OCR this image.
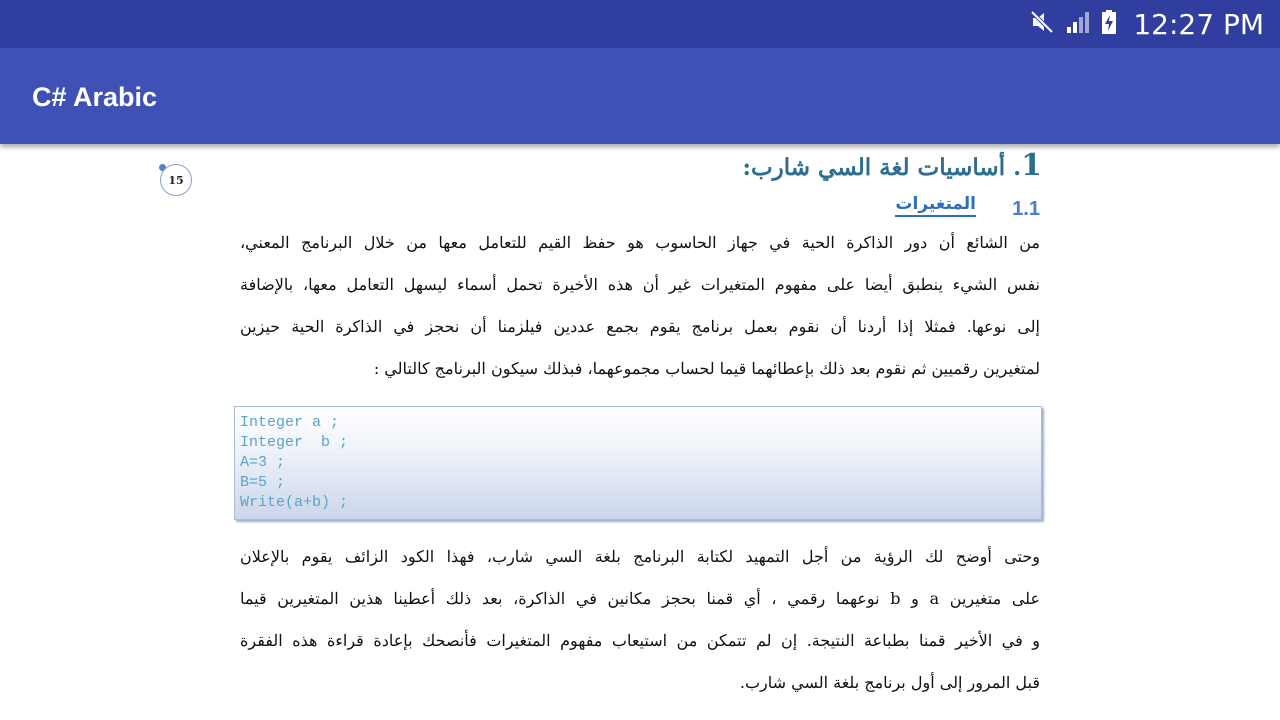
12:27 PM
C# Arabic
15	1. أساسيات لغة السي شارب:
1.1
المتغيرات
من الشائع أن دور الذاكرة الحية في جهاز الحاسوب هو حفظ القيم للتعامل معها من خلال البرنامج المعني،
نفس الشيء ينطبق أيضا على مفهوم المتغيرات غير أن هذه الأخيرة تحمل أسماء ليسهل التعامل معها، بالإضافة
إلى نوعها. فمثلا إذا أردنا أن نقوم بعمل برنامج يقوم بجمع عددين فيلزمنا أن نحجز في الذاكرة الحية حيزين
لمتغيرين رقميين ثم نقوم بعد ذلك بإعطائهما قيما لحساب مجموعهما، فبذلك سيكون البرنامج كالتالي :
Integer a ;
Integer  b ;
A=3 ;
B=5 ;
Write(a+b) ;
وحتى أوضح لك الرؤية من أجل التمهيد لكتابة البرنامج بلغة السي شارب، فهذا الكود الزائف يقوم بالإعلان
على متغيرين a و b نوعهما رقمي ، أي قمنا بحجز مكانين في الذاكرة، بعد ذلك أعطينا هذين المتغيرين قيما
و في الأخير قمنا بطباعة النتيجة. إن لم تتمكن من استيعاب مفهوم المتغيرات فأنصحك بإعادة قراءة هذه الفقرة
قبل المرور إلى أول برنامج بلغة السي شارب.
